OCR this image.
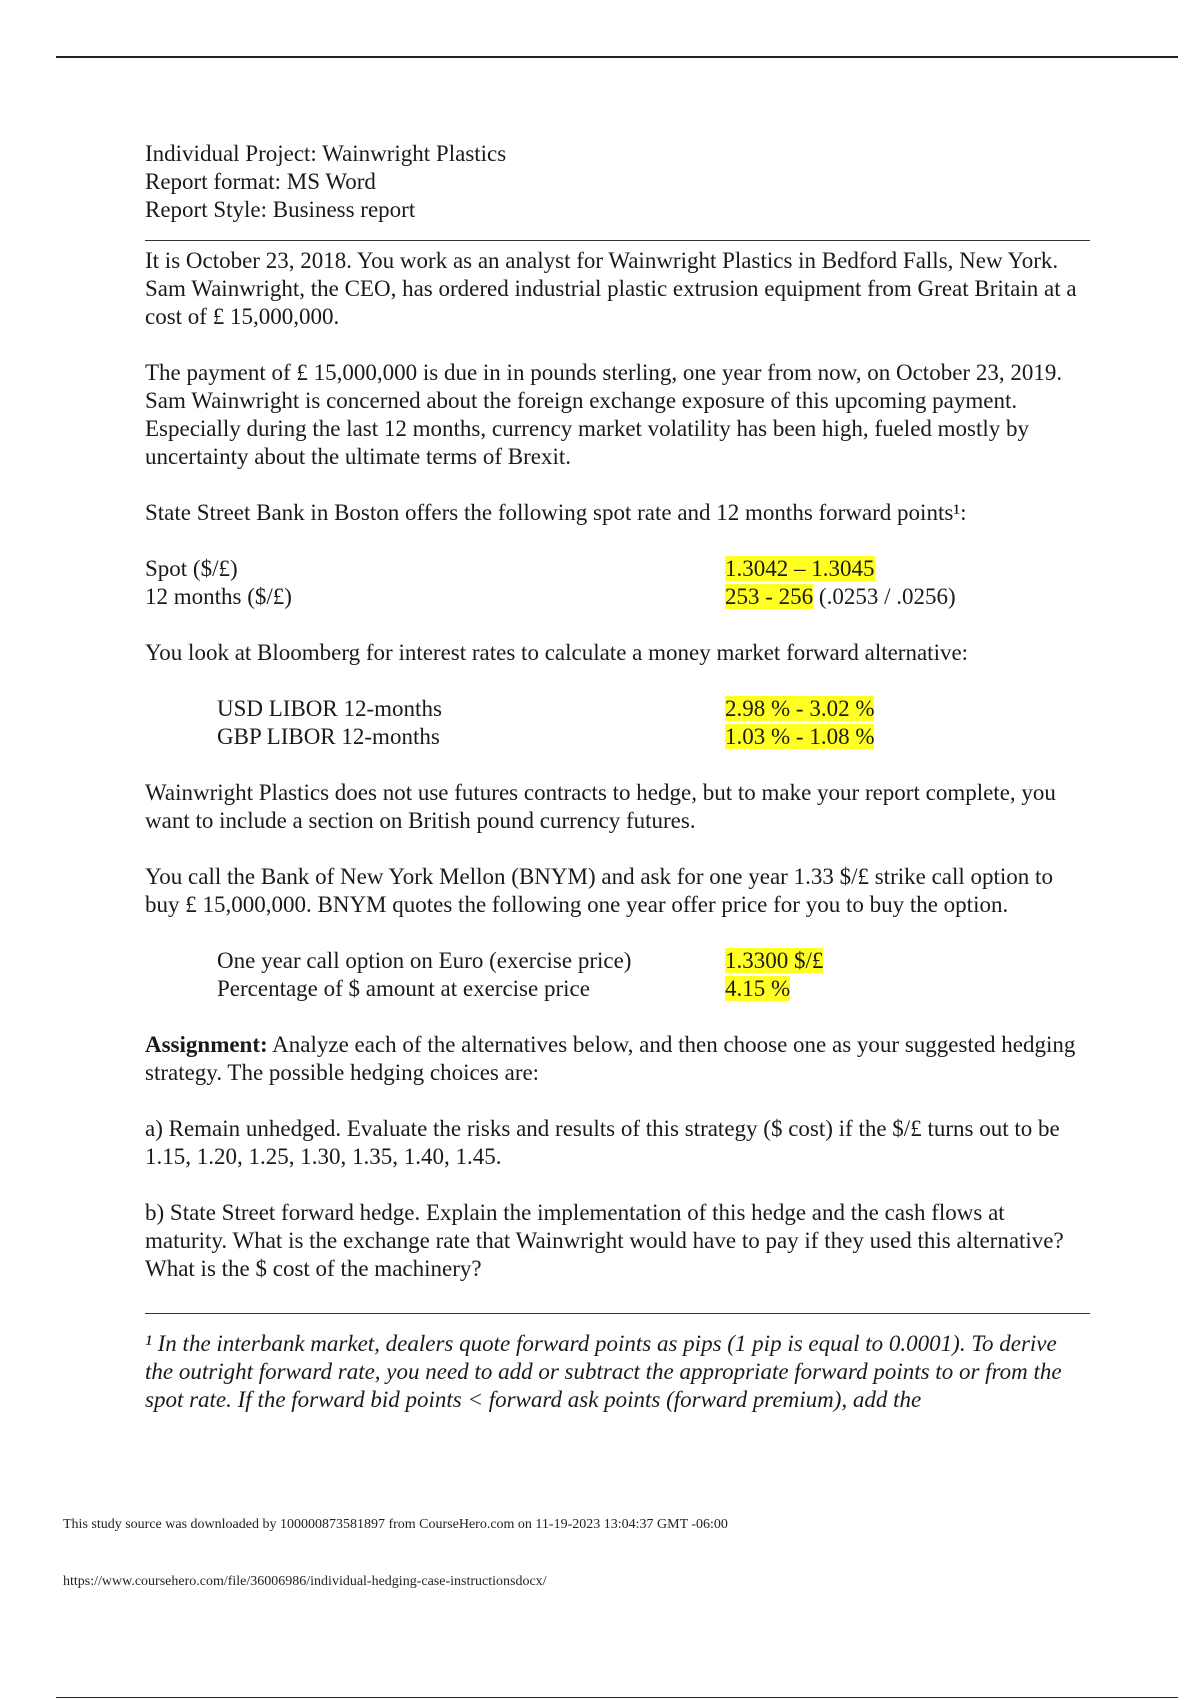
Individual Project: Wainwright Plastics

Report format: MS Word

Report Style: Business report

It is October 23, 2018. You work as an analyst for Wainwright Plastics in Bedford Falls, New York. Sam Wainwright, the CEO, has ordered industrial plastic extrusion equipment from Great Britain at a cost of £ 15,000,000.

The payment of £ 15,000,000 is due in in pounds sterling, one year from now, on October 23, 2019. Sam Wainwright is concerned about the foreign exchange exposure of this upcoming payment. Especially during the last 12 months, currency market volatility has been high, fueled mostly by uncertainty about the ultimate terms of Brexit.

State Street Bank in Boston offers the following spot rate and 12 months forward points¹:

Spot ($/£)	1.3042 – 1.3045
12 months ($/£)	253 - 256 (.0253 / .0256)

You look at Bloomberg for interest rates to calculate a money market forward alternative:

USD LIBOR 12-months	2.98 % - 3.02 %
GBP LIBOR 12-months	1.03 % - 1.08 %

Wainwright Plastics does not use futures contracts to hedge, but to make your report complete, you want to include a section on British pound currency futures.

You call the Bank of New York Mellon (BNYM) and ask for one year 1.33 $/£ strike call option to buy £ 15,000,000. BNYM quotes the following one year offer price for you to buy the option.

One year call option on Euro (exercise price)	1.3300 $/£
Percentage of $ amount at exercise price	4.15 %

Assignment: Analyze each of the alternatives below, and then choose one as your suggested hedging strategy. The possible hedging choices are:

a) Remain unhedged. Evaluate the risks and results of this strategy ($ cost) if the $/£ turns out to be 1.15, 1.20, 1.25, 1.30, 1.35, 1.40, 1.45.

b) State Street forward hedge. Explain the implementation of this hedge and the cash flows at maturity. What is the exchange rate that Wainwright would have to pay if they used this alternative? What is the $ cost of the machinery?

¹ In the interbank market, dealers quote forward points as pips (1 pip is equal to 0.0001). To derive the outright forward rate, you need to add or subtract the appropriate forward points to or from the spot rate. If the forward bid points < forward ask points (forward premium), add the

This study source was downloaded by 100000873581897 from CourseHero.com on 11-19-2023 13:04:37 GMT -06:00
https://www.coursehero.com/file/36006986/individual-hedging-case-instructionsdocx/
